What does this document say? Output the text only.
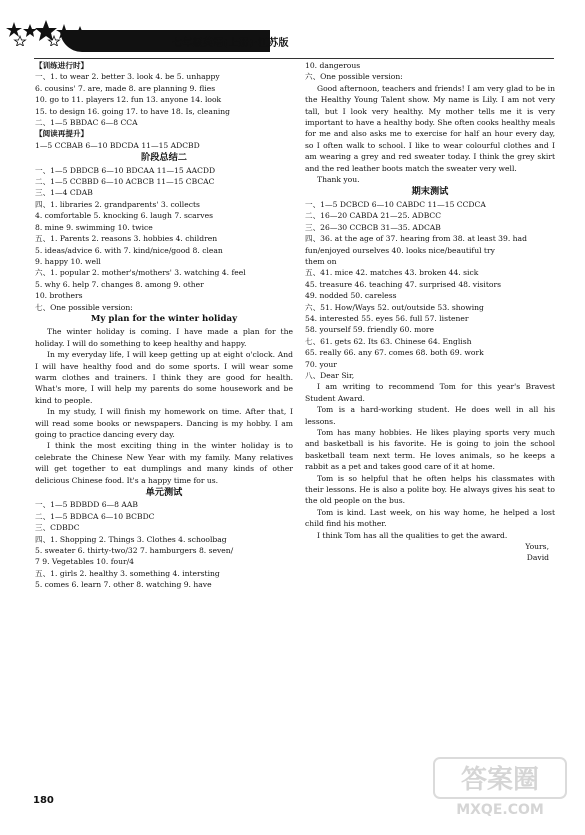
七年级英语(上册)·江苏版
【训练进行时】
一、1. to wear 2. better 3. look 4. be 5. unhappy
6. cousins' 7. are, made 8. are planning 9. flies
10. go to 11. players 12. fun 13. anyone 14. look
15. to design 16. going 17. to have 18. Is, cleaning
二、1—5 BBDAC 6—8 CCA
【阅读再提升】
1—5 CCBAB 6—10 BDCDA 11—15 ADCBD
阶段总结二
一、1—5 DBDCB 6—10 BDCAA 11—15 AACDD
二、1—5 CCBBD 6—10 ACBCB 11—15 CBCAC
三、1—4 CDAB
四、1. libraries 2. grandparents' 3. collects
4. comfortable 5. knocking 6. laugh 7. scarves
8. mine 9. swimming 10. twice
五、1. Parents 2. reasons 3. hobbies 4. children
5. ideas/advice 6. with 7. kind/nice/good 8. clean
9. happy 10. well
六、1. popular 2. mother's/mothers' 3. watching 4. feel
5. why 6. help 7. changes 8. among 9. other
10. brothers
七、One possible version:
My plan for the winter holiday
The winter holiday is coming. I have made a plan for the holiday. I will do something to keep healthy and happy.
In my everyday life, I will keep getting up at eight o'clock. And I will have healthy food and do some sports. I will wear some warm clothes and trainers. I think they are good for health. What's more, I will help my parents do some housework and be kind to people.
In my study, I will finish my homework on time. After that, I will read some books or newspapers. Dancing is my hobby. I am going to practice dancing every day.
I think the most exciting thing in the winter holiday is to celebrate the Chinese New Year with my family. Many relatives will get together to eat dumplings and many kinds of other delicious Chinese food. It's a happy time for us.
单元测试
一、1—5 BDBDD 6—8 AAB
二、1—5 BDBCA 6—10 BCBDC
三、CDBDC
四、1. Shopping 2. Things 3. Clothes 4. schoolbag
5. sweater 6. thirty-two/32 7. hamburgers 8. seven/
7 9. Vegetables 10. four/4
五、1. girls 2. healthy 3. something 4. intersting
5. comes 6. learn 7. other 8. watching 9. have
10. dangerous
六、One possible version:
Good afternoon, teachers and friends! I am very glad to be in the Healthy Young Talent show. My name is Lily. I am not very tall, but I look very healthy. My mother tells me it is very important to have a healthy body. She often cooks healthy meals for me and also asks me to exercise for half an hour every day, so I often walk to school. I like to wear colourful clothes and I am wearing a grey and red sweater today. I think the grey skirt and the red leather boots match the sweater very well.
Thank you.
期末测试
一、1—5 DCBCD 6—10 CABDC 11—15 CCDCA
二、16—20 CABDA 21—25. ADBCC
三、26—30 CCBCB 31—35. ADCAB
四、36. at the age of 37. hearing from 38. at least 39. had
fun/enjoyed ourselves 40. looks nice/beautiful try
them on
五、41. mice 42. matches 43. broken 44. sick
45. treasure 46. teaching 47. surprised 48. visitors
49. nodded 50. careless
六、51. How/Ways 52. out/outside 53. showing
54. interested 55. eyes 56. full 57. listener
58. yourself 59. friendly 60. more
七、61. gets 62. Its 63. Chinese 64. English
65. really 66. any 67. comes 68. both 69. work
70. your
八、Dear Sir,
I am writing to recommend Tom for this year's Bravest Student Award.
Tom is a hard-working student. He does well in all his lessons.
Tom has many hobbies. He likes playing sports very much and basketball is his favorite. He is going to join the school basketball team next term. He loves animals, so he keeps a rabbit as a pet and takes good care of it at home.
Tom is so helpful that he often helps his classmates with their lessons. He is also a polite boy. He always gives his seat to the old people on the bus.
Tom is kind. Last week, on his way home, he helped a lost child find his mother.
I think Tom has all the qualities to get the award.
Yours,
David
180
答案圈
MXQE.COM
